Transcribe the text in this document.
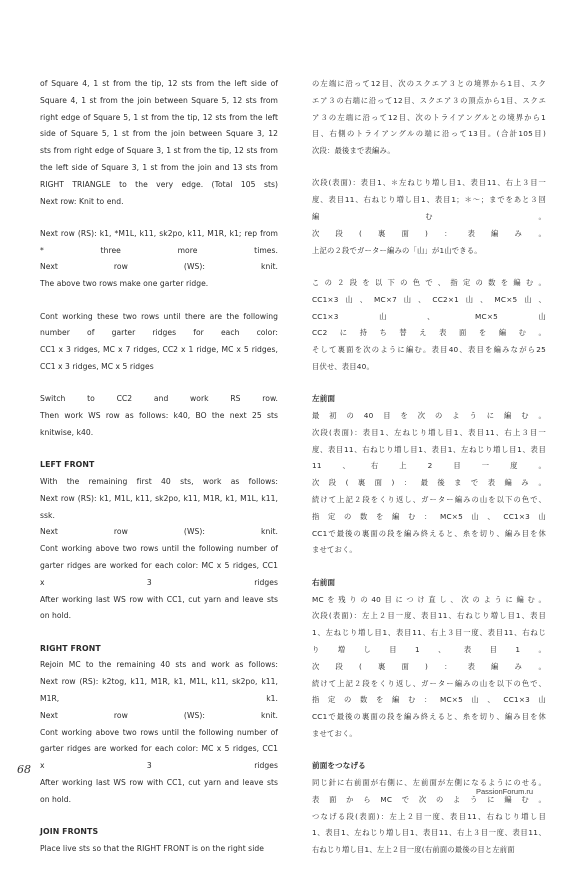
of Square 4, 1 st from the tip, 12 sts from the left side of
Square 4, 1 st from the join between Square 5, 12 sts from
right edge of Square 5, 1 st from the tip, 12 sts from the left
side of Square 5, 1 st from the join between Square 3, 12
sts from right edge of Square 3, 1 st from the tip, 12 sts from
the left side of Square 3, 1 st from the join and 13 sts from
RIGHT TRIANGLE to the very edge. (Total 105 sts)
Next row: Knit to end.
Next row (RS): k1, *M1L, k11, sk2po, k11, M1R, k1; rep from
* three more times.
Next row (WS): knit.
The above two rows make one garter ridge.
Cont working these two rows until there are the following
number of garter ridges for each color:
CC1 x 3 ridges, MC x 7 ridges, CC2 x 1 ridge, MC x 5 ridges,
CC1 x 3 ridges, MC x 5 ridges
Switch to CC2 and work RS row.
Then work WS row as follows: k40, BO the next 25 sts
knitwise, k40.
LEFT FRONT
With the remaining first 40 sts, work as follows:
Next row (RS): k1, M1L, k11, sk2po, k11, M1R, k1, M1L, k11,
ssk.
Next row (WS): knit.
Cont working above two rows until the following number of
garter ridges are worked for each color: MC x 5 ridges, CC1
x 3 ridges
After working last WS row with CC1, cut yarn and leave sts
on hold.
RIGHT FRONT
Rejoin MC to the remaining 40 sts and work as follows:
Next row (RS): k2tog, k11, M1R, k1, M1L, k11, sk2po, k11,
M1R, k1.
Next row (WS): knit.
Cont working above two rows until the following number of
garter ridges are worked for each color: MC x 5 ridges, CC1
x 3 ridges
After working last WS row with CC1, cut yarn and leave sts
on hold.
JOIN FRONTS
Place live sts so that the RIGHT FRONT is on the right side
の左端に沿って12目、次のスクエア３との境界から1目、スク
エア３の右端に沿って12目、スクエア３の頂点から1目、スクエ
ア３の左端に沿って12目、次のトライアングルとの境界から1
目、右側のトライアングルの端に沿って13目。(合計105目)
次段：最後まで表編み。
次段(表面)：表目1、＊左ねじり増し目1、表目11、右上３目一
度、表目11、右ねじり増し目1、表目1；＊～；までをあと３回
編む。
次段(裏面)：表編み。
上記の２段でガーター編みの「山」が1山できる。
この２段を以下の色で、指定の数を編む。
CC1×3山、MC×7山、CC2×1山、MC×5山、
CC1×3山、MC×5山
CC2に持ち替え表面を編む。
そして裏面を次のように編む。表目40、表目を編みながら25
目伏せ、表目40。
左前面
最初の40目を次のように編む。
次段(表面)：表目1、左ねじり増し目1、表目11、右上３目一
度、表目11、右ねじり増し目1、表目1、左ねじり増し目1、表目
11、右上2目一度。
次段(裏面)：最後まで表編み。
続けて上記２段をくり返し、ガーター編みの山を以下の色で、
指定の数を編む：MC×5山、CC1×3山
CC1で最後の裏面の段を編み終えると、糸を切り、編み目を休
ませておく。
右前面
MCを残りの40目につけ直し、次のように編む。
次段(表面)：左上２目一度、表目11、右ねじり増し目1、表目
1、左ねじり増し目1、表目11、右上３目一度、表目11、右ねじ
り増し目1、表目1。
次段(裏面)：表編み。
続けて上記２段をくり返し、ガーター編みの山を以下の色で、
指定の数を編む：MC×5山、CC1×3山
CC1で最後の裏面の段を編み終えると、糸を切り、編み目を休
ませておく。
前面をつなげる
同じ針に右前面が右側に、左前面が左側になるようにのせる。
表面からMCで次のように編む。
つなげる段(表面)：左上２目一度、表目11、右ねじり増し目
1、表目1、左ねじり増し目1、表目11、右上３目一度、表目11、
右ねじり増し目1、左上２目一度(右前面の最後の目と左前面
68
PassionForum.ru
